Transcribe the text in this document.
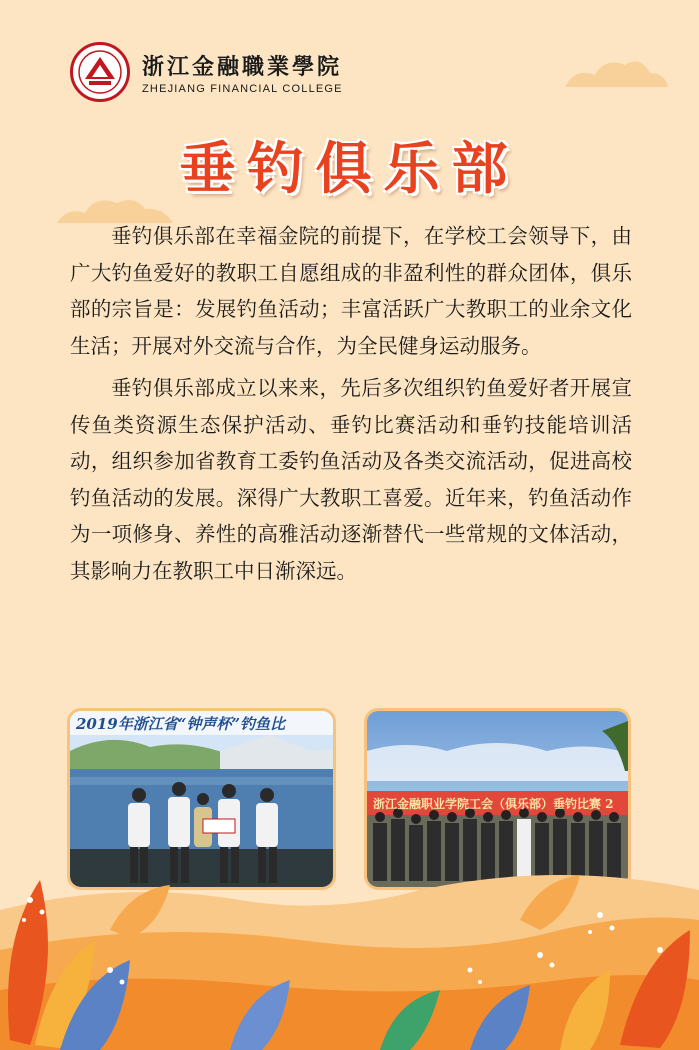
浙江金融職業學院
ZHEJIANG FINANCIAL COLLEGE
垂钓俱乐部

垂钓俱乐部在幸福金院的前提下，在学校工会领导下，由广大钓鱼爱好的教职工自愿组成的非盈利性的群众团体，俱乐部的宗旨是：发展钓鱼活动；丰富活跃广大教职工的业余文化生活；开展对外交流与合作，为全民健身运动服务。

垂钓俱乐部成立以来来，先后多次组织钓鱼爱好者开展宣传鱼类资源生态保护活动、垂钓比赛活动和垂钓技能培训活动，组织参加省教育工委钓鱼活动及各类交流活动，促进高校钓鱼活动的发展。深得广大教职工喜爱。近年来，钓鱼活动作为一项修身、养性的高雅活动逐渐替代一些常规的文体活动，其影响力在教职工中日渐深远。

2019年浙江省“钟声杯”钓鱼比
浙江金融职业学院工会（俱乐部）垂钓比赛 2
